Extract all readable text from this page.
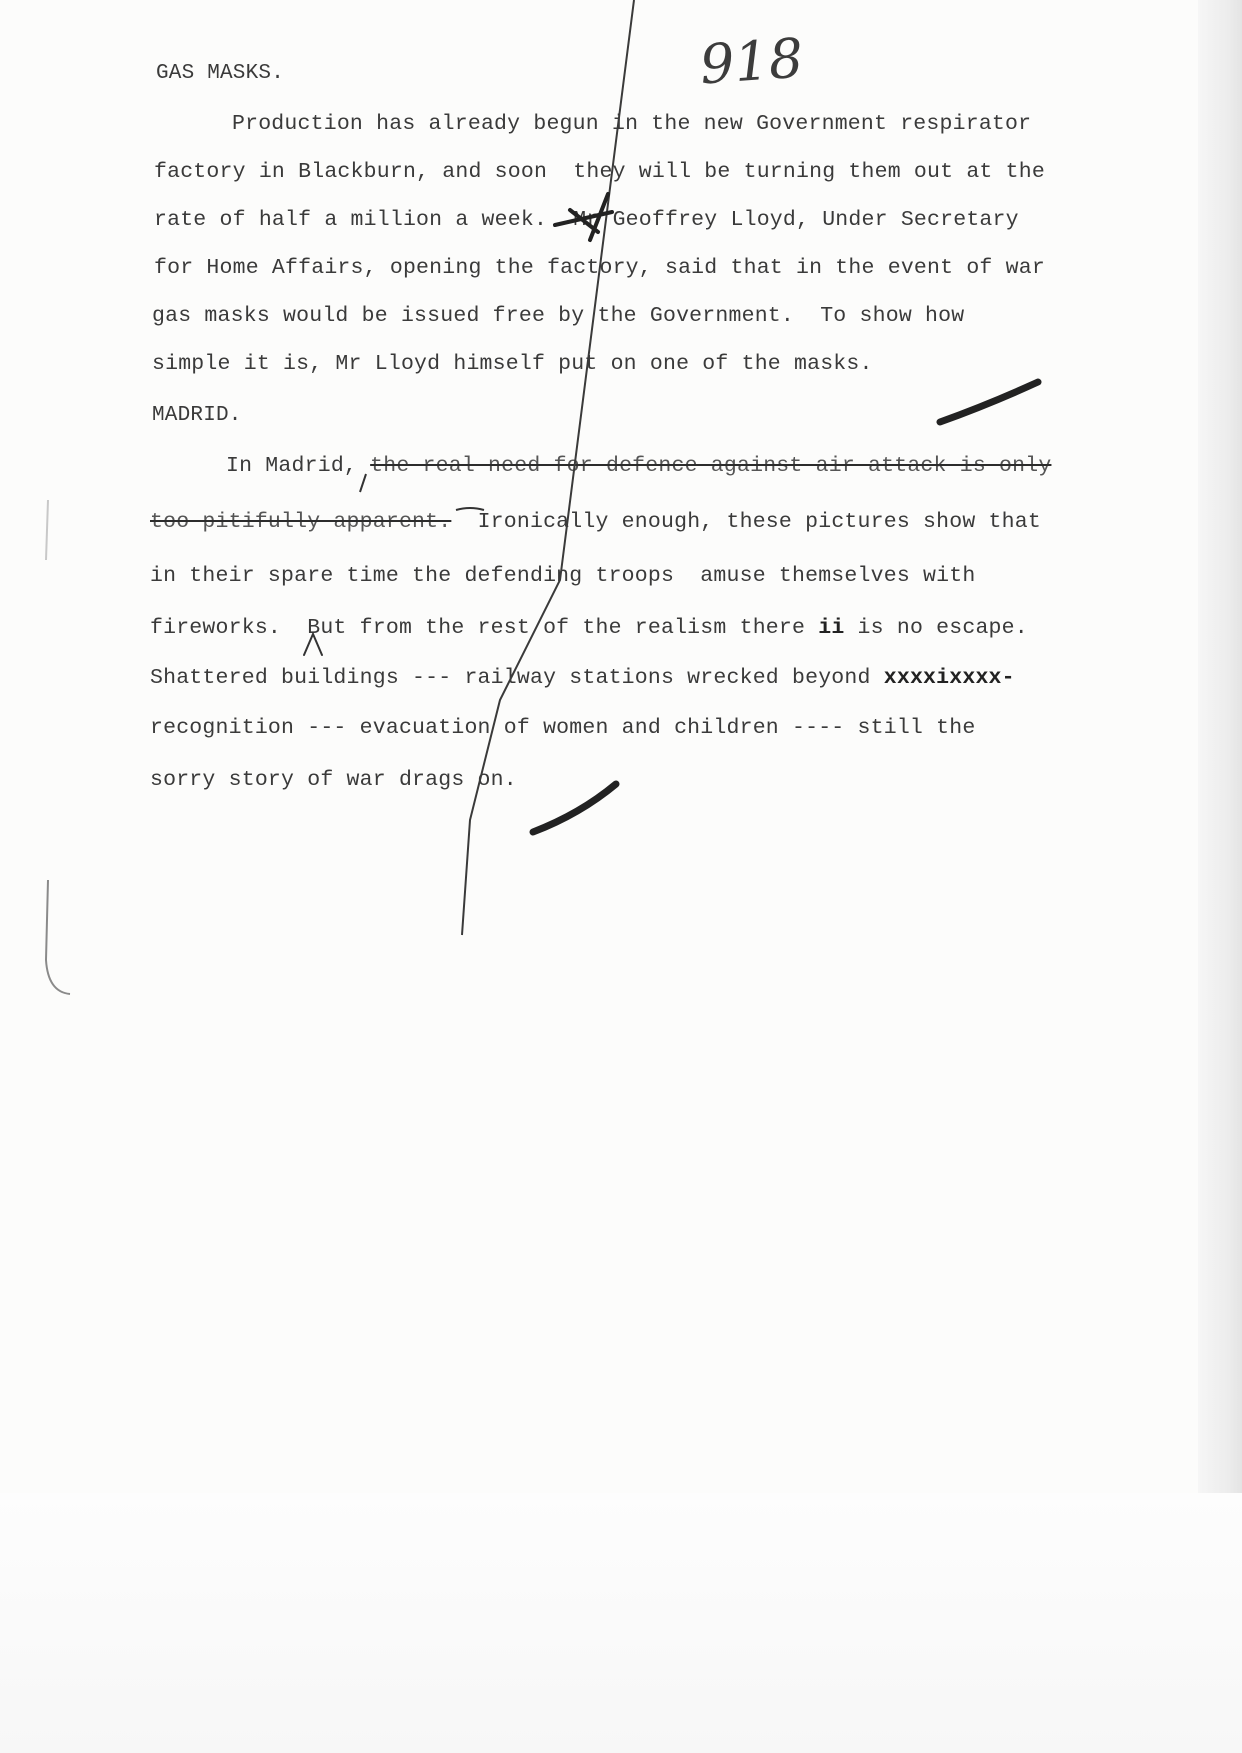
918
GAS MASKS.
Production has already begun in the new Government respirator
factory in Blackburn, and soon  they will be turning them out at the
rate of half a million a week.  Mr Geoffrey Lloyd, Under Secretary
for Home Affairs, opening the factory, said that in the event of war
gas masks would be issued free by the Government.  To show how
simple it is, Mr Lloyd himself put on one of the masks.
MADRID.
In Madrid, the real need for defence against air attack is only
too pitifully apparent.  Ironically enough, these pictures show that
in their spare time the defending troops  amuse themselves with
fireworks.  But from the rest of the realism there ii is no escape.
Shattered buildings --- railway stations wrecked beyond xxxxixxxx-
recognition --- evacuation of women and children ---- still the
sorry story of war drags on.
